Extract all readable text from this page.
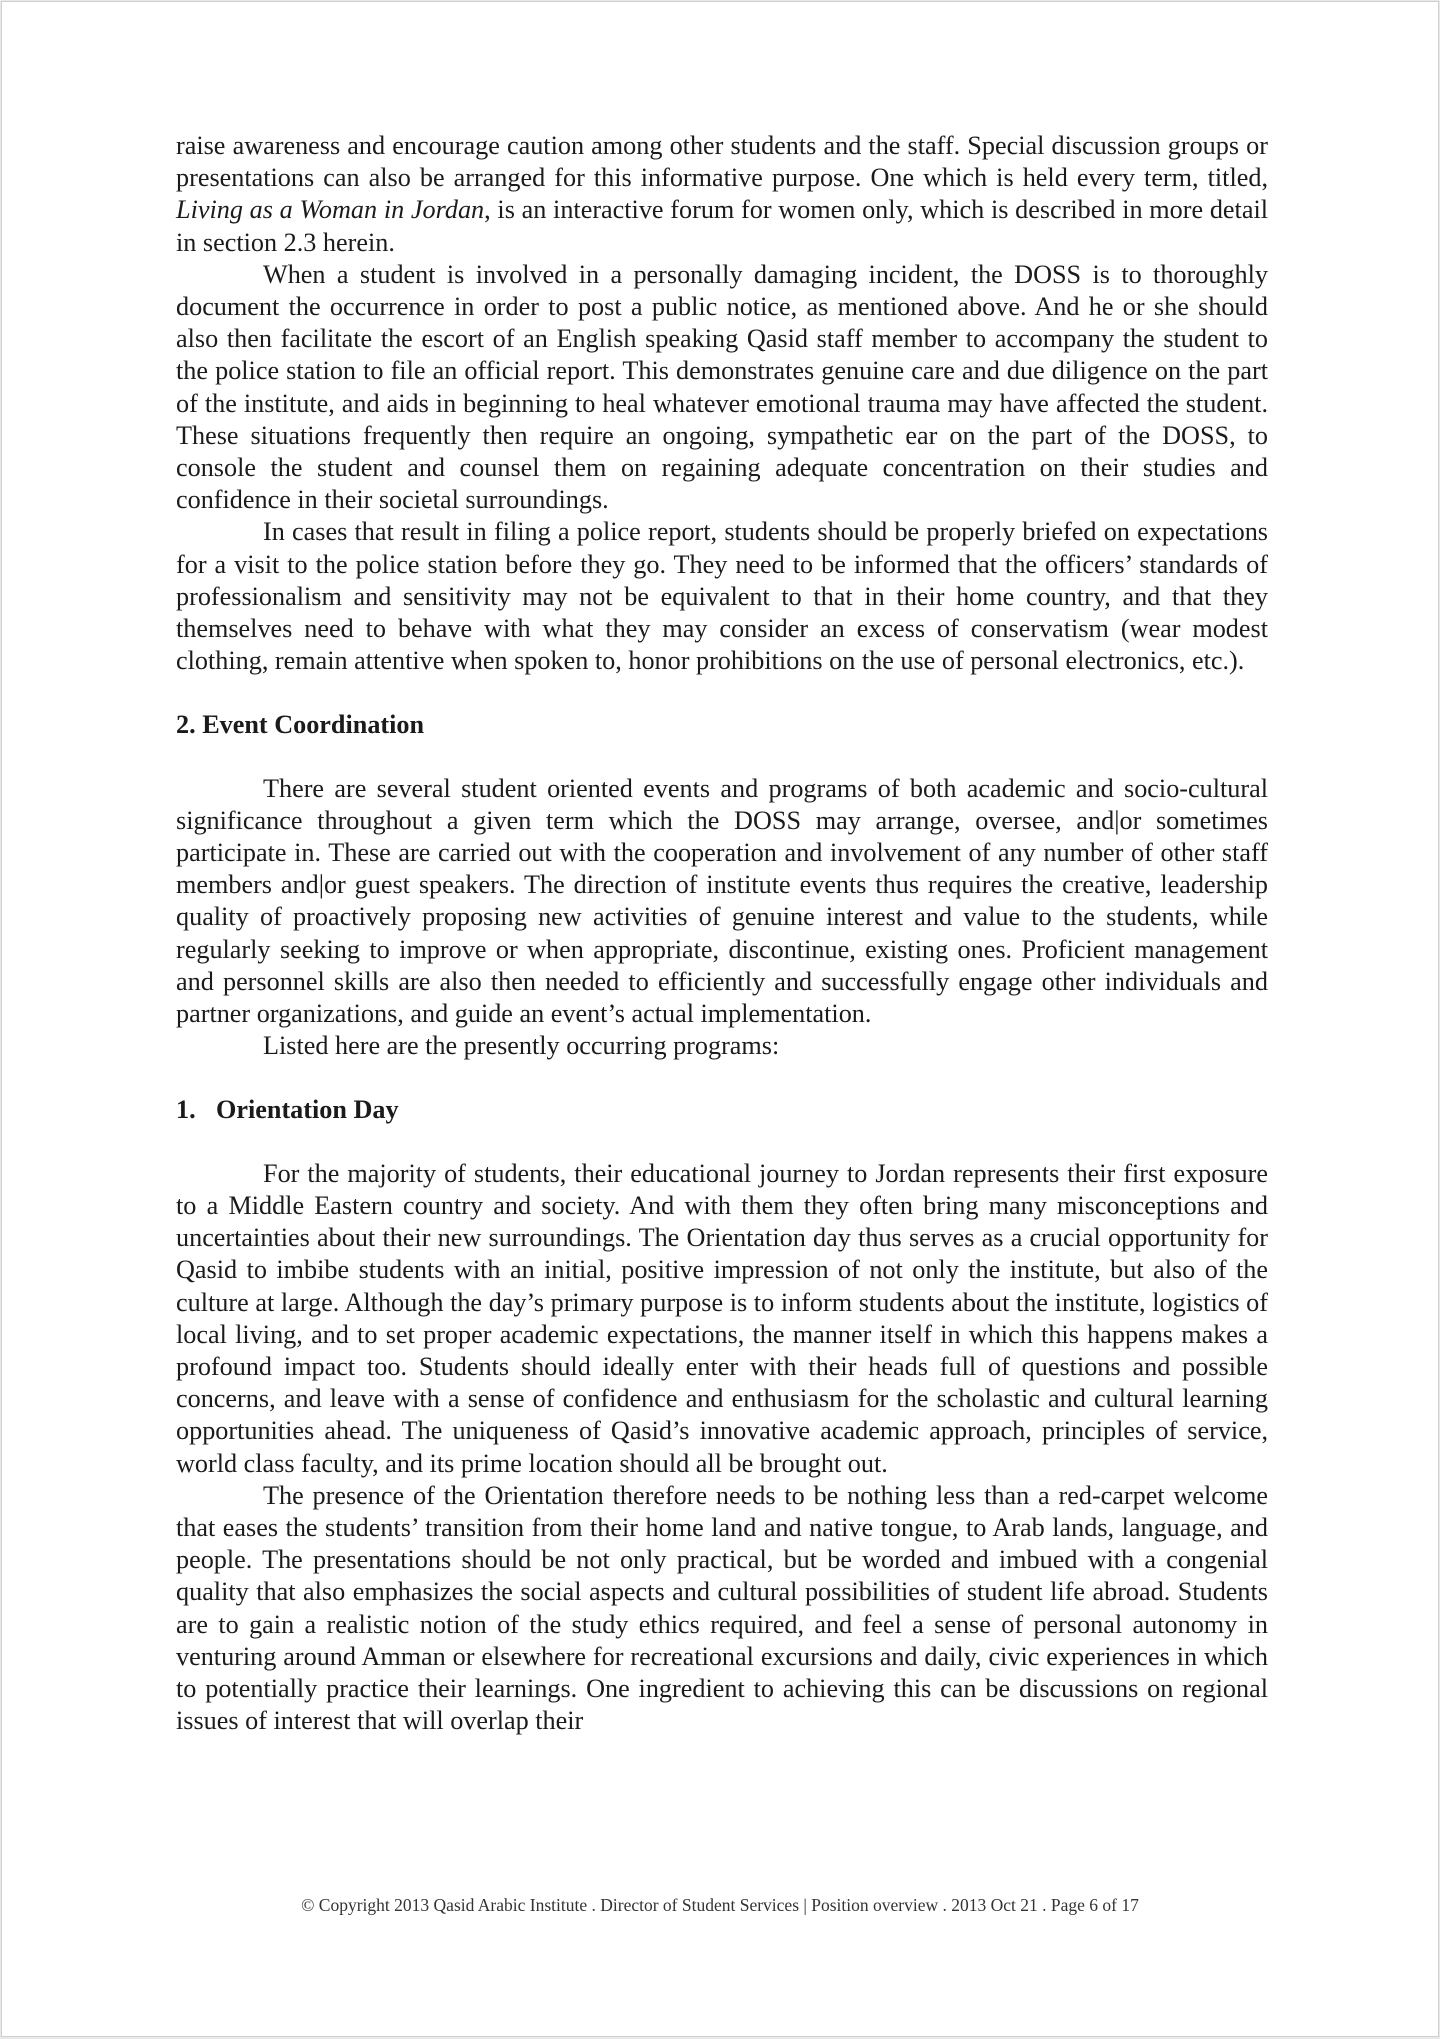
raise awareness and encourage caution among other students and the staff. Special discussion groups or presentations can also be arranged for this informative purpose. One which is held every term, titled, Living as a Woman in Jordan, is an interactive forum for women only, which is described in more detail in section 2.3 herein.

When a student is involved in a personally damaging incident, the DOSS is to thoroughly document the occurrence in order to post a public notice, as mentioned above. And he or she should also then facilitate the escort of an English speaking Qasid staff member to accompany the student to the police station to file an official report. This demonstrates genuine care and due diligence on the part of the institute, and aids in beginning to heal whatever emotional trauma may have affected the student. These situations frequently then require an ongoing, sympathetic ear on the part of the DOSS, to console the student and counsel them on regaining adequate concentration on their studies and confidence in their societal surroundings.

In cases that result in filing a police report, students should be properly briefed on expectations for a visit to the police station before they go. They need to be informed that the officers’ standards of professionalism and sensitivity may not be equivalent to that in their home country, and that they themselves need to behave with what they may consider an excess of conservatism (wear modest clothing, remain attentive when spoken to, honor prohibitions on the use of personal electronics, etc.).

2. Event Coordination

There are several student oriented events and programs of both academic and socio-cultural significance throughout a given term which the DOSS may arrange, oversee, and|or sometimes participate in. These are carried out with the cooperation and involvement of any number of other staff members and|or guest speakers. The direction of institute events thus requires the creative, leadership quality of proactively proposing new activities of genuine interest and value to the students, while regularly seeking to improve or when appropriate, discontinue, existing ones. Proficient management and personnel skills are also then needed to efficiently and successfully engage other individuals and partner organizations, and guide an event’s actual implementation.

Listed here are the presently occurring programs:

1. Orientation Day

For the majority of students, their educational journey to Jordan represents their first exposure to a Middle Eastern country and society. And with them they often bring many misconceptions and uncertainties about their new surroundings. The Orientation day thus serves as a crucial opportunity for Qasid to imbibe students with an initial, positive impression of not only the institute, but also of the culture at large. Although the day’s primary purpose is to inform students about the institute, logistics of local living, and to set proper academic expectations, the manner itself in which this happens makes a profound impact too. Students should ideally enter with their heads full of questions and possible concerns, and leave with a sense of confidence and enthusiasm for the scholastic and cultural learning opportunities ahead. The uniqueness of Qasid’s innovative academic approach, principles of service, world class faculty, and its prime location should all be brought out.

The presence of the Orientation therefore needs to be nothing less than a red-carpet welcome that eases the students’ transition from their home land and native tongue, to Arab lands, language, and people. The presentations should be not only practical, but be worded and imbued with a congenial quality that also emphasizes the social aspects and cultural possibilities of student life abroad. Students are to gain a realistic notion of the study ethics required, and feel a sense of personal autonomy in venturing around Amman or elsewhere for recreational excursions and daily, civic experiences in which to potentially practice their learnings. One ingredient to achieving this can be discussions on regional issues of interest that will overlap their

© Copyright 2013 Qasid Arabic Institute . Director of Student Services | Position overview . 2013 Oct 21 . Page 6 of 17
